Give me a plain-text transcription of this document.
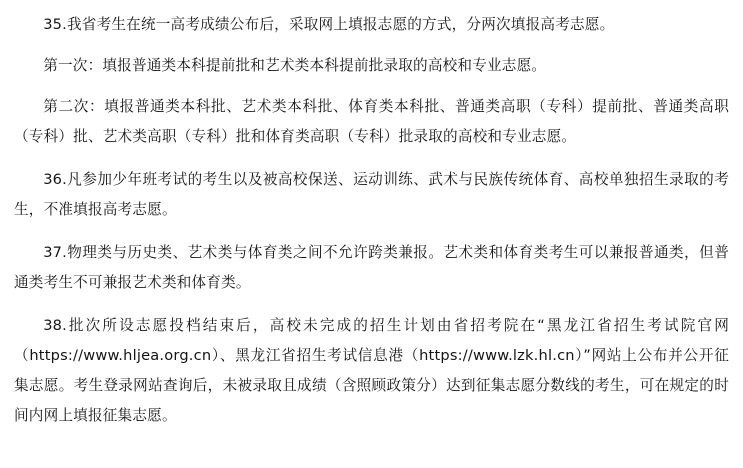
35.我省考生在统一高考成绩公布后，采取网上填报志愿的方式，分两次填报高考志愿。

第一次：填报普通类本科提前批和艺术类本科提前批录取的高校和专业志愿。

第二次：填报普通类本科批、艺术类本科批、体育类本科批、普通类高职（专科）提前批、普通类高职（专科）批、艺术类高职（专科）批和体育类高职（专科）批录取的高校和专业志愿。

36.凡参加少年班考试的考生以及被高校保送、运动训练、武术与民族传统体育、高校单独招生录取的考生，不准填报高考志愿。

37.物理类与历史类、艺术类与体育类之间不允许跨类兼报。艺术类和体育类考生可以兼报普通类，但普通类考生不可兼报艺术类和体育类。

38.批次所设志愿投档结束后，高校未完成的招生计划由省招考院在“黑龙江省招生考试院官网（https://www.hljea.org.cn）、黑龙江省招生考试信息港（https://www.lzk.hl.cn）”网站上公布并公开征集志愿。考生登录网站查询后，未被录取且成绩（含照顾政策分）达到征集志愿分数线的考生，可在规定的时间内网上填报征集志愿。
